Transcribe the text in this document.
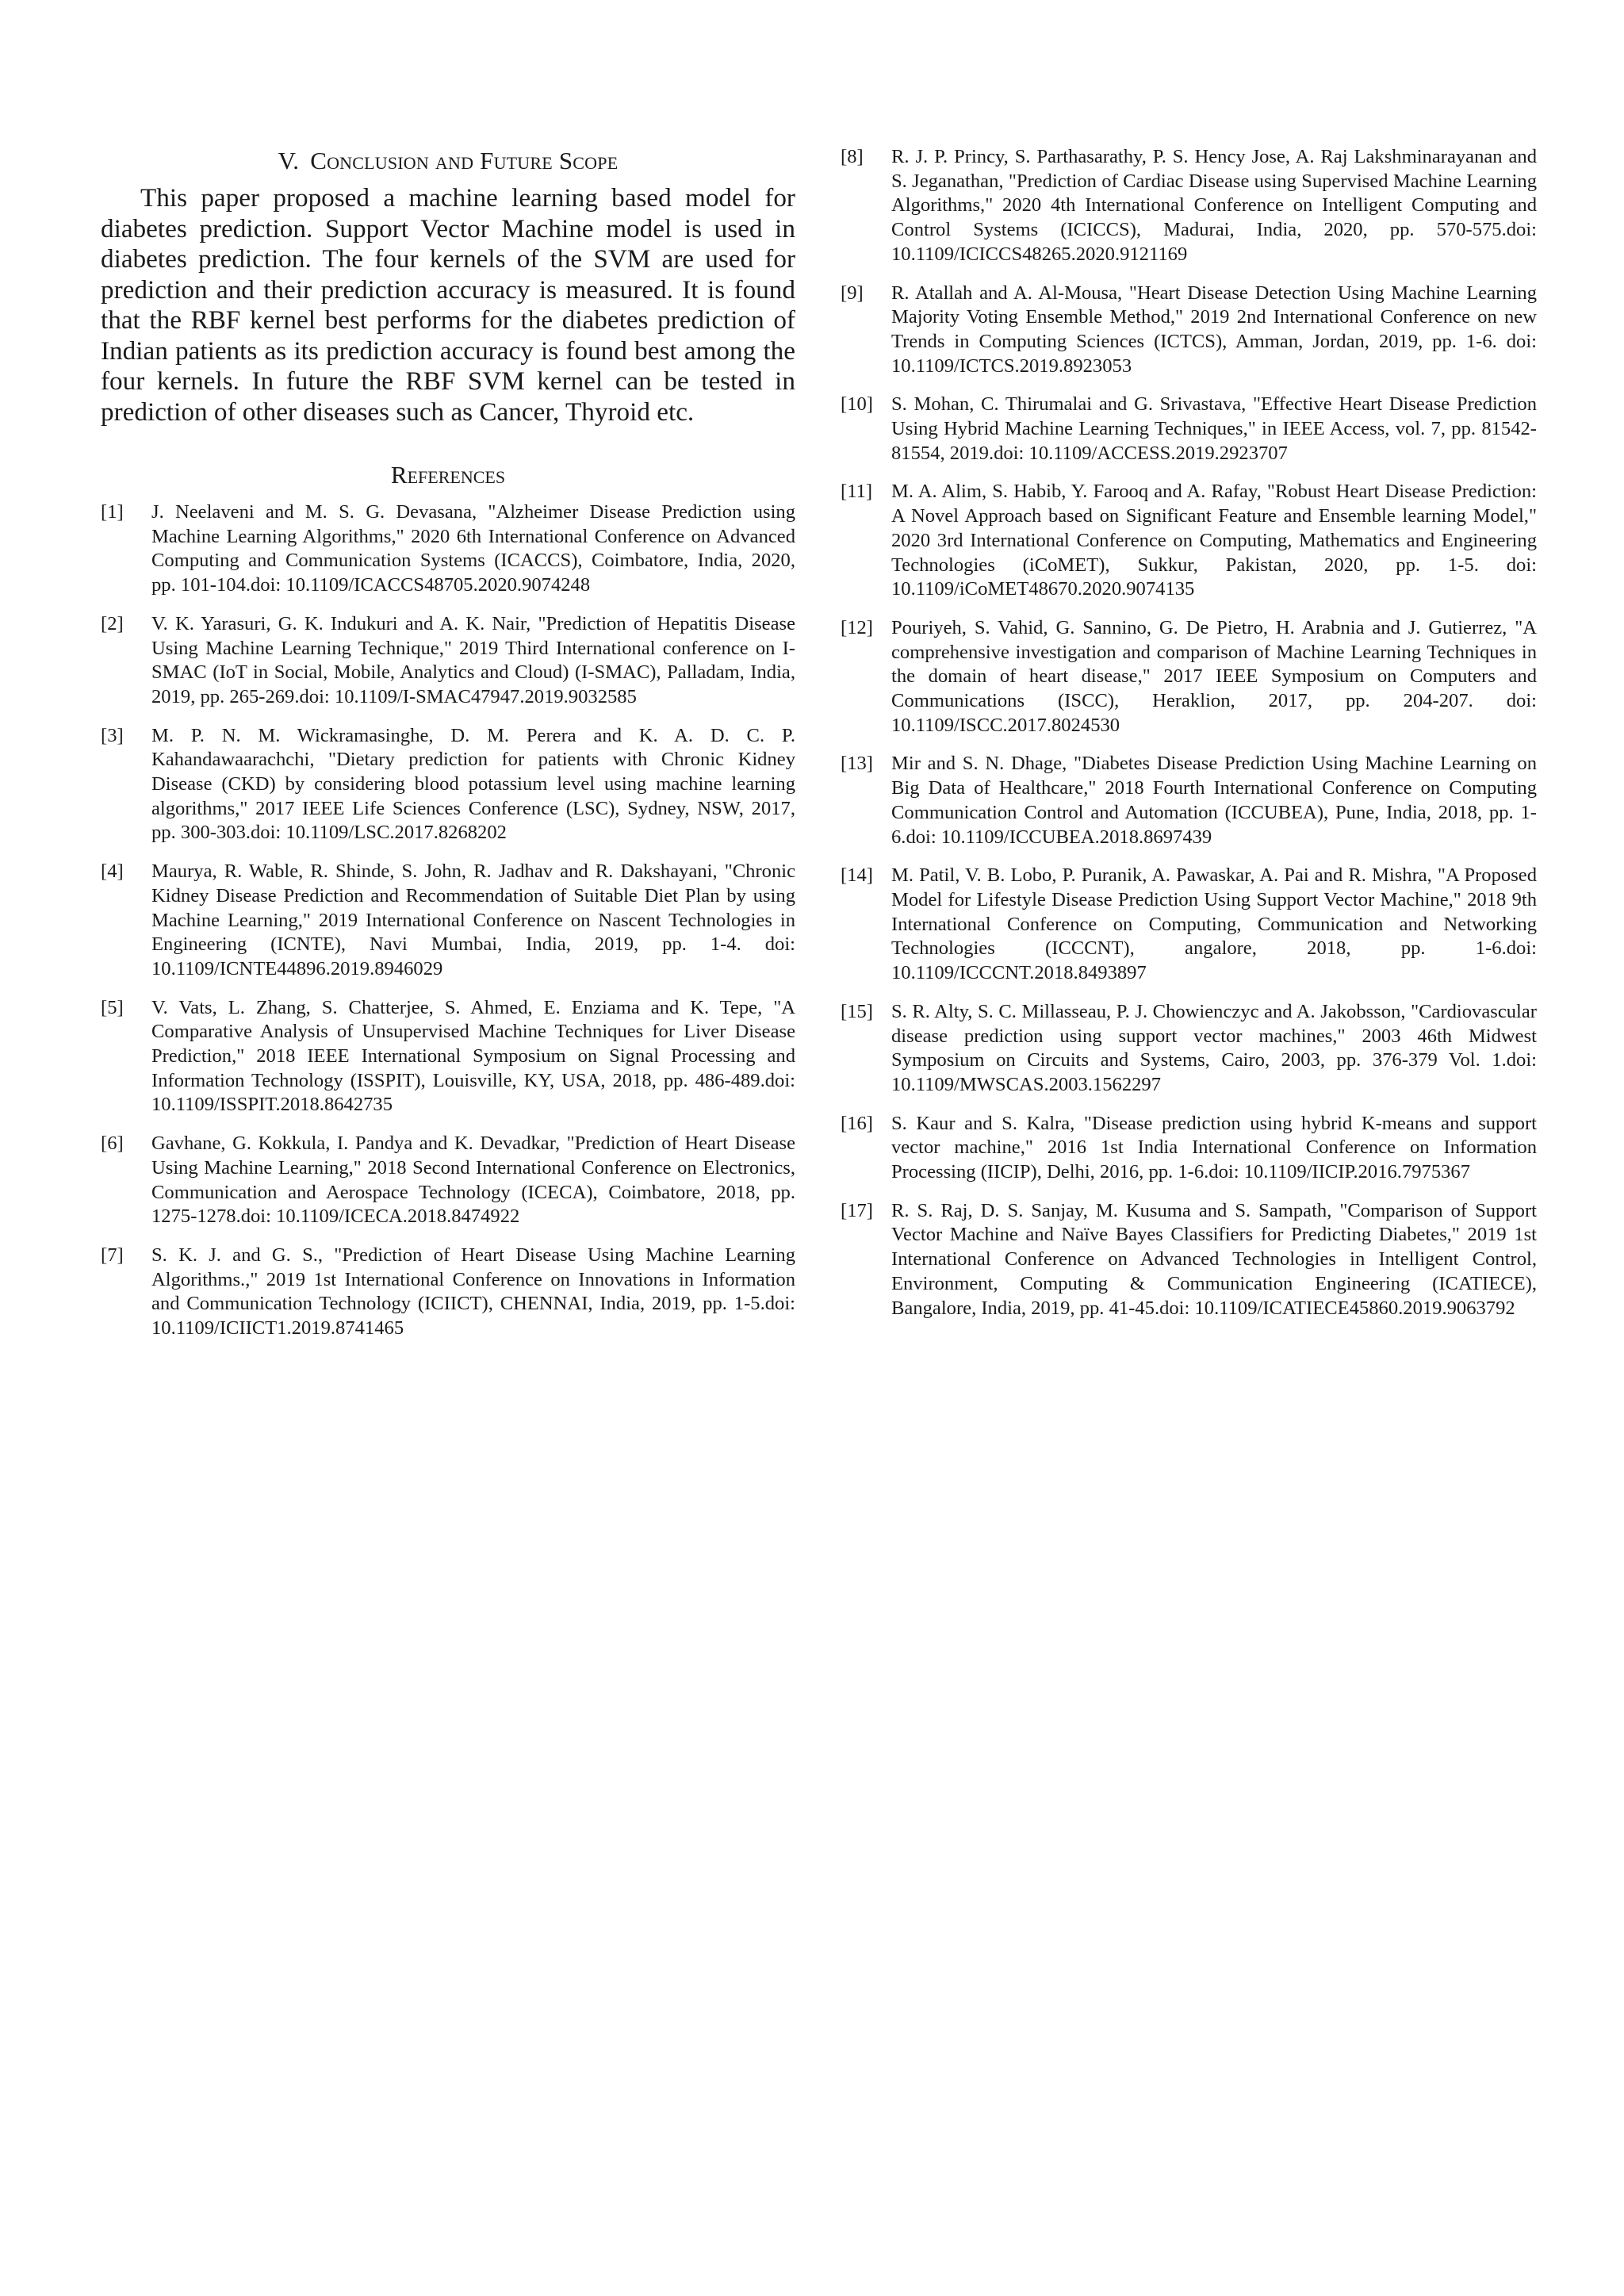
V. Conclusion and Future Scope

This paper proposed a machine learning based model for diabetes prediction. Support Vector Machine model is used in diabetes prediction. The four kernels of the SVM are used for prediction and their prediction accuracy is measured. It is found that the RBF kernel best performs for the diabetes prediction of Indian patients as its prediction accuracy is found best among the four kernels. In future the RBF SVM kernel can be tested in prediction of other diseases such as Cancer, Thyroid etc.

References
[1]	J. Neelaveni and M. S. G. Devasana, "Alzheimer Disease Prediction using Machine Learning Algorithms," 2020 6th International Conference on Advanced Computing and Communication Systems (ICACCS), Coimbatore, India, 2020, pp. 101-104.doi: 10.1109/ICACCS48705.2020.9074248
[2]	V. K. Yarasuri, G. K. Indukuri and A. K. Nair, "Prediction of Hepatitis Disease Using Machine Learning Technique," 2019 Third International conference on I-SMAC (IoT in Social, Mobile, Analytics and Cloud) (I-SMAC), Palladam, India, 2019, pp. 265-269.doi: 10.1109/I-SMAC47947.2019.9032585
[3]	M. P. N. M. Wickramasinghe, D. M. Perera and K. A. D. C. P. Kahandawaarachchi, "Dietary prediction for patients with Chronic Kidney Disease (CKD) by considering blood potassium level using machine learning algorithms," 2017 IEEE Life Sciences Conference (LSC), Sydney, NSW, 2017, pp. 300-303.doi: 10.1109/LSC.2017.8268202
[4]	Maurya, R. Wable, R. Shinde, S. John, R. Jadhav and R. Dakshayani, "Chronic Kidney Disease Prediction and Recommendation of Suitable Diet Plan by using Machine Learning," 2019 International Conference on Nascent Technologies in Engineering (ICNTE), Navi Mumbai, India, 2019, pp. 1-4. doi: 10.1109/ICNTE44896.2019.8946029
[5]	V. Vats, L. Zhang, S. Chatterjee, S. Ahmed, E. Enziama and K. Tepe, "A Comparative Analysis of Unsupervised Machine Techniques for Liver Disease Prediction," 2018 IEEE International Symposium on Signal Processing and Information Technology (ISSPIT), Louisville, KY, USA, 2018, pp. 486-489.doi: 10.1109/ISSPIT.2018.8642735
[6]	Gavhane, G. Kokkula, I. Pandya and K. Devadkar, "Prediction of Heart Disease Using Machine Learning," 2018 Second International Conference on Electronics, Communication and Aerospace Technology (ICECA), Coimbatore, 2018, pp. 1275-1278.doi: 10.1109/ICECA.2018.8474922
[7]	S. K. J. and G. S., "Prediction of Heart Disease Using Machine Learning Algorithms.," 2019 1st International Conference on Innovations in Information and Communication Technology (ICIICT), CHENNAI, India, 2019, pp. 1-5.doi: 10.1109/ICIICT1.2019.8741465
[8]	R. J. P. Princy, S. Parthasarathy, P. S. Hency Jose, A. Raj Lakshminarayanan and S. Jeganathan, "Prediction of Cardiac Disease using Supervised Machine Learning Algorithms," 2020 4th International Conference on Intelligent Computing and Control Systems (ICICCS), Madurai, India, 2020, pp. 570-575.doi: 10.1109/ICICCS48265.2020.9121169
[9]	R. Atallah and A. Al-Mousa, "Heart Disease Detection Using Machine Learning Majority Voting Ensemble Method," 2019 2nd International Conference on new Trends in Computing Sciences (ICTCS), Amman, Jordan, 2019, pp. 1-6. doi: 10.1109/ICTCS.2019.8923053
[10] S. Mohan, C. Thirumalai and G. Srivastava, "Effective Heart Disease Prediction Using Hybrid Machine Learning Techniques," in IEEE Access, vol. 7, pp. 81542-81554, 2019.doi: 10.1109/ACCESS.2019.2923707
[11] M. A. Alim, S. Habib, Y. Farooq and A. Rafay, "Robust Heart Disease Prediction: A Novel Approach based on Significant Feature and Ensemble learning Model," 2020 3rd International Conference on Computing, Mathematics and Engineering Technologies (iCoMET), Sukkur, Pakistan, 2020, pp. 1-5. doi: 10.1109/iCoMET48670.2020.9074135
[12] Pouriyeh, S. Vahid, G. Sannino, G. De Pietro, H. Arabnia and J. Gutierrez, "A comprehensive investigation and comparison of Machine Learning Techniques in the domain of heart disease," 2017 IEEE Symposium on Computers and Communications (ISCC), Heraklion, 2017, pp. 204-207. doi: 10.1109/ISCC.2017.8024530
[13] Mir and S. N. Dhage, "Diabetes Disease Prediction Using Machine Learning on Big Data of Healthcare," 2018 Fourth International Conference on Computing Communication Control and Automation (ICCUBEA), Pune, India, 2018, pp. 1-6.doi: 10.1109/ICCUBEA.2018.8697439
[14] M. Patil, V. B. Lobo, P. Puranik, A. Pawaskar, A. Pai and R. Mishra, "A Proposed Model for Lifestyle Disease Prediction Using Support Vector Machine," 2018 9th International Conference on Computing, Communication and Networking Technologies (ICCCNT), angalore, 2018, pp. 1-6.doi: 10.1109/ICCCNT.2018.8493897
[15] S. R. Alty, S. C. Millasseau, P. J. Chowienczyc and A. Jakobsson, "Cardiovascular disease prediction using support vector machines," 2003 46th Midwest Symposium on Circuits and Systems, Cairo, 2003, pp. 376-379 Vol. 1.doi: 10.1109/MWSCAS.2003.1562297
[16] S. Kaur and S. Kalra, "Disease prediction using hybrid K-means and support vector machine," 2016 1st India International Conference on Information Processing (IICIP), Delhi, 2016, pp. 1-6.doi: 10.1109/IICIP.2016.7975367
[17] R. S. Raj, D. S. Sanjay, M. Kusuma and S. Sampath, "Comparison of Support Vector Machine and Naïve Bayes Classifiers for Predicting Diabetes," 2019 1st International Conference on Advanced Technologies in Intelligent Control, Environment, Computing & Communication Engineering (ICATIECE), Bangalore, India, 2019, pp. 41-45.doi: 10.1109/ICATIECE45860.2019.9063792
